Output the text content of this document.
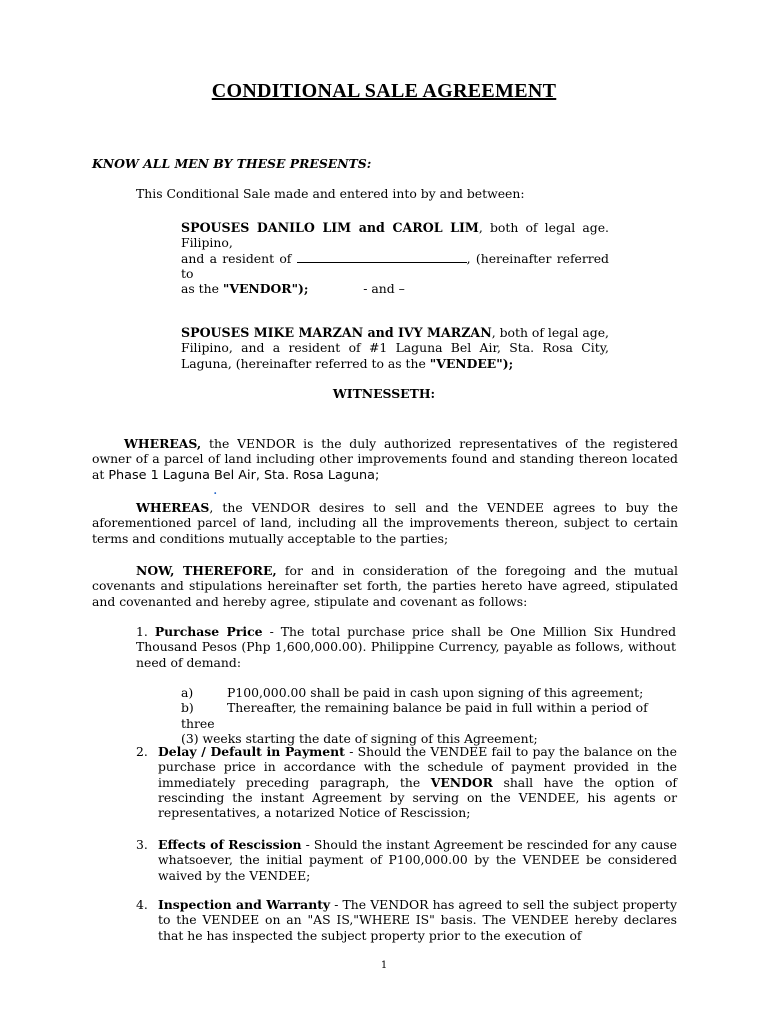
CONDITIONAL SALE AGREEMENT
KNOW ALL MEN BY THESE PRESENTS:
This Conditional Sale made and entered into by and between:
SPOUSES DANILO LIM and CAROL LIM, both of legal age. Filipino,
and a resident of	, (hereinafter referred to
as the "VENDOR");	- and –
SPOUSES MIKE MARZAN and IVY MARZAN, both of legal age, Filipino, and a resident of #1 Laguna Bel Air, Sta. Rosa City, Laguna, (hereinafter referred to as the "VENDEE");
WITNESSETH:
WHEREAS, the VENDOR is the duly authorized representatives of the registered owner of a parcel of land including other improvements found and standing thereon located at Phase 1 Laguna Bel Air, Sta. Rosa Laguna;
.
WHEREAS, the VENDOR desires to sell and the VENDEE agrees to buy the aforementioned parcel of land, including all the improvements thereon, subject to certain terms and conditions mutually acceptable to the parties;
NOW, THEREFORE, for and in consideration of the foregoing and the mutual covenants and stipulations hereinafter set forth, the parties hereto have agreed, stipulated and covenanted and hereby agree, stipulate and covenant as follows:
1. Purchase Price - The total purchase price shall be One Million Six Hundred Thousand Pesos (Php 1,600,000.00). Philippine Currency, payable as follows, without need of demand:
a)	P100,000.00 shall be paid in cash upon signing of this agreement;
b)	Thereafter, the remaining balance be paid in full within a period of three
(3) weeks starting the date of signing of this Agreement;
2. Delay / Default in Payment - Should the VENDEE fail to pay the balance on the purchase price in accordance with the schedule of payment provided in the immediately preceding paragraph, the VENDOR shall have the option of rescinding the instant Agreement by serving on the VENDEE, his agents or representatives, a notarized Notice of Rescission;
3. Effects of Rescission - Should the instant Agreement be rescinded for any cause whatsoever, the initial payment of P100,000.00 by the VENDEE be considered waived by the VENDEE;
4. Inspection and Warranty - The VENDOR has agreed to sell the subject property to the VENDEE on an "AS IS,"WHERE IS" basis. The VENDEE hereby declares that he has inspected the subject property prior to the execution of
1
